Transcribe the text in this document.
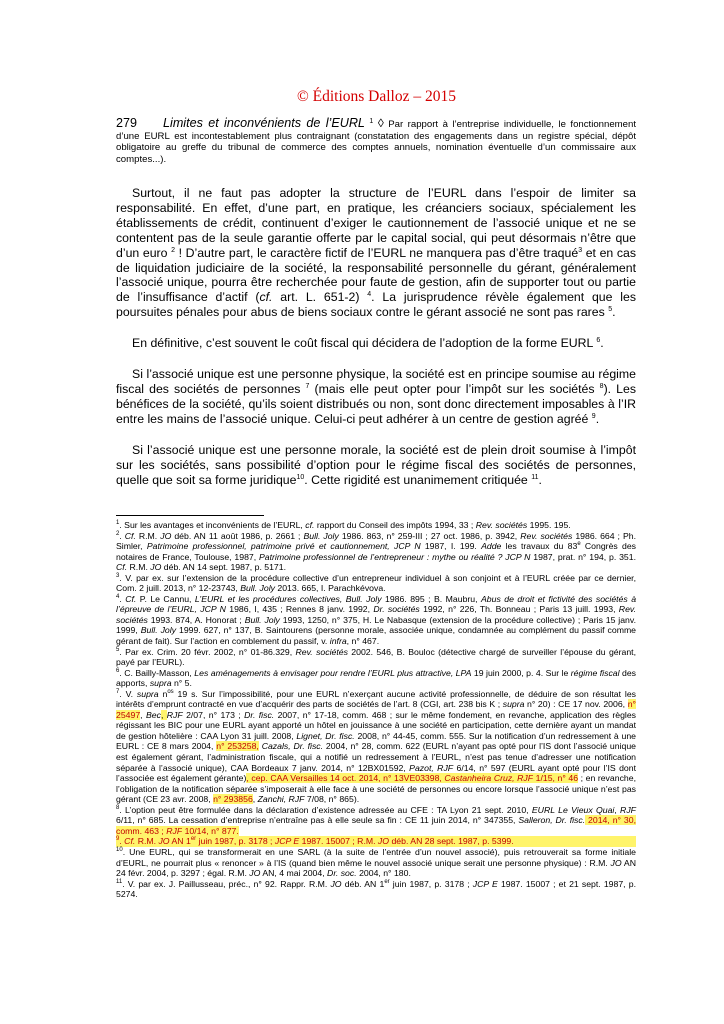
© Éditions Dalloz – 2015
279 Limites et inconvénients de l’EURL $^1$ ◊ Par rapport à l’entreprise individuelle, le fonctionnement d’une EURL est incontestablement plus contraignant (constatation des engagements dans un registre spécial, dépôt obligatoire au greffe du tribunal de commerce des comptes annuels, nomination éventuelle d’un commissaire aux comptes...).

Surtout, il ne faut pas adopter la structure de l’EURL dans l’espoir de limiter sa responsabilité. En effet, d’une part, en pratique, les créanciers sociaux, spécialement les établissements de crédit, continuent d’exiger le cautionnement de l’associé unique et ne se contentent pas de la seule garantie offerte par le capital social, qui peut désormais n’être que d’un euro $^2$ ! D’autre part, le caractère fictif de l’EURL ne manquera pas d’être traqué$^3$ et en cas de liquidation judiciaire de la société, la responsabilité personnelle du gérant, généralement l’associé unique, pourra être recherchée pour faute de gestion, afin de supporter tout ou partie de l’insuffisance d’actif (cf. art. L. 651-2) $^4$. La jurisprudence révèle également que les poursuites pénales pour abus de biens sociaux contre le gérant associé ne sont pas rares $^5$.

En définitive, c’est souvent le coût fiscal qui décidera de l’adoption de la forme EURL $^6$.

Si l’associé unique est une personne physique, la société est en principe soumise au régime fiscal des sociétés de personnes $^7$ (mais elle peut opter pour l’impôt sur les sociétés $^8$). Les bénéfices de la société, qu’ils soient distribués ou non, sont donc directement imposables à l’IR entre les mains de l’associé unique. Celui-ci peut adhérer à un centre de gestion agréé $^9$.

Si l’associé unique est une personne morale, la société est de plein droit soumise à l’impôt sur les sociétés, sans possibilité d’option pour le régime fiscal des sociétés de personnes, quelle que soit sa forme juridique$^{10}$. Cette rigidité est unanimement critiquée $^{11}$.

$^1$. Sur les avantages et inconvénients de l’EURL, cf. rapport du Conseil des impôts 1994, 33 ; Rev. sociétés 1995. 195.

$^2$. Cf. R.M. JO déb. AN 11 août 1986, p. 2661 ; Bull. Joly 1986. 863, n° 259-III ; 27 oct. 1986, p. 3942, Rev. sociétés 1986. 664 ; Ph. Simler, Patrimoine professionnel, patrimoine privé et cautionnement, JCP N 1987, I. 199. Adde les travaux du 83e Congrès des notaires de France, Toulouse, 1987, Patrimoine professionnel de l’entrepreneur : mythe ou réalité ? JCP N 1987, prat. n° 194, p. 351. Cf. R.M. JO déb. AN 14 sept. 1987, p. 5171.

$^3$. V. par ex. sur l’extension de la procédure collective d’un entrepreneur individuel à son conjoint et à l’EURL créée par ce dernier, Com. 2 juill. 2013, n° 12-23743, Bull. Joly 2013. 665, I. Parachkévova.

$^4$. Cf. P. Le Cannu, L’EURL et les procédures collectives, Bull. Joly 1986. 895 ; B. Maubru, Abus de droit et fictivité des sociétés à l’épreuve de l’EURL, JCP N 1986, I, 435 ; Rennes 8 janv. 1992, Dr. sociétés 1992, n° 226, Th. Bonneau ; Paris 13 juill. 1993, Rev. sociétés 1993. 874, A. Honorat ; Bull. Joly 1993, 1250, n° 375, H. Le Nabasque (extension de la procédure collective) ; Paris 15 janv. 1999, Bull. Joly 1999. 627, n° 137, B. Saintourens (personne morale, associée unique, condamnée au complément du passif comme gérant de fait). Sur l’action en comblement du passif, v. infra, n° 467.

$^5$. Par ex. Crim. 20 févr. 2002, n° 01-86.329, Rev. sociétés 2002. 546, B. Bouloc (détective chargé de surveiller l’épouse du gérant, payé par l’EURL).

$^6$. C. Bailly-Masson, Les aménagements à envisager pour rendre l’EURL plus attractive, LPA 19 juin 2000, p. 4. Sur le régime fiscal des apports, supra n° 5.

$^7$. V. supra $n^{os}$ 19 s. Sur l’impossibilité, pour une EURL n’exerçant aucune activité professionnelle, de déduire de son résultat les intérêts d’emprunt contracté en vue d’acquérir des parts de sociétés de l’art. 8 (CGI, art. 238 bis K ; supra n° 20) : CE 17 nov. 2006, n° 25497, Bec, RJF 2/07, n° 173 ; Dr. fisc. 2007, n° 17-18, comm. 468 ; sur le même fondement, en revanche, application des règles régissant les BIC pour une EURL ayant apporté un hôtel en jouissance à une société en participation, cette dernière ayant un mandat de gestion hôtelière : CAA Lyon 31 juill. 2008, Lignet, Dr. fisc. 2008, n° 44-45, comm. 555. Sur la notification d’un redressement à une EURL : CE 8 mars 2004, n° 253258, Cazals, Dr. fisc. 2004, n° 28, comm. 622 (EURL n’ayant pas opté pour l’IS dont l’associé unique est également gérant, l’administration fiscale, qui a notifié un redressement à l’EURL, n’est pas tenue d’adresser une notification séparée à l’associé unique), CAA Bordeaux 7 janv. 2014, n° 12BX01592, Pazot, RJF 6/14, n° 597 (EURL ayant opté pour l’IS dont l’associée est également gérante), cep. CAA Versailles 14 oct. 2014, n° 13VE03398, Castanheira Cruz, RJF 1/15, n° 46 ; en revanche, l’obligation de la notification séparée s’imposerait à elle face à une société de personnes ou encore lorsque l’associé unique n’est pas gérant (CE 23 avr. 2008, n° 293856, Zanchi, RJF 7/08, n° 865).

$^8$. L’option peut être formulée dans la déclaration d’existence adressée au CFE : TA Lyon 21 sept. 2010, EURL Le Vieux Quai, RJF 6/11, n° 685. La cessation d’entreprise n’entraîne pas à elle seule sa fin : CE 11 juin 2014, n° 347355, Salleron, Dr. fisc. 2014, n° 30, comm. 463 ; RJF 10/14, n° 877.

$^9$. Cf. R.M. JO AN 1er juin 1987, p. 3178 ; JCP E 1987. 15007 ; R.M. JO déb. AN 28 sept. 1987, p. 5399.

$^{10}$. Une EURL, qui se transformerait en une SARL (à la suite de l’entrée d’un nouvel associé), puis retrouverait sa forme initiale d’EURL, ne pourrait plus « renoncer » à l’IS (quand bien même le nouvel associé unique serait une personne physique) : R.M. JO AN 24 févr. 2004, p. 3297 ; égal. R.M. JO AN, 4 mai 2004, Dr. soc. 2004, n° 180.

$^{11}$. V. par ex. J. Paillusseau, préc., n° 92. Rappr. R.M. JO déb. AN 1er juin 1987, p. 3178 ; JCP E 1987. 15007 ; et 21 sept. 1987, p. 5274.
